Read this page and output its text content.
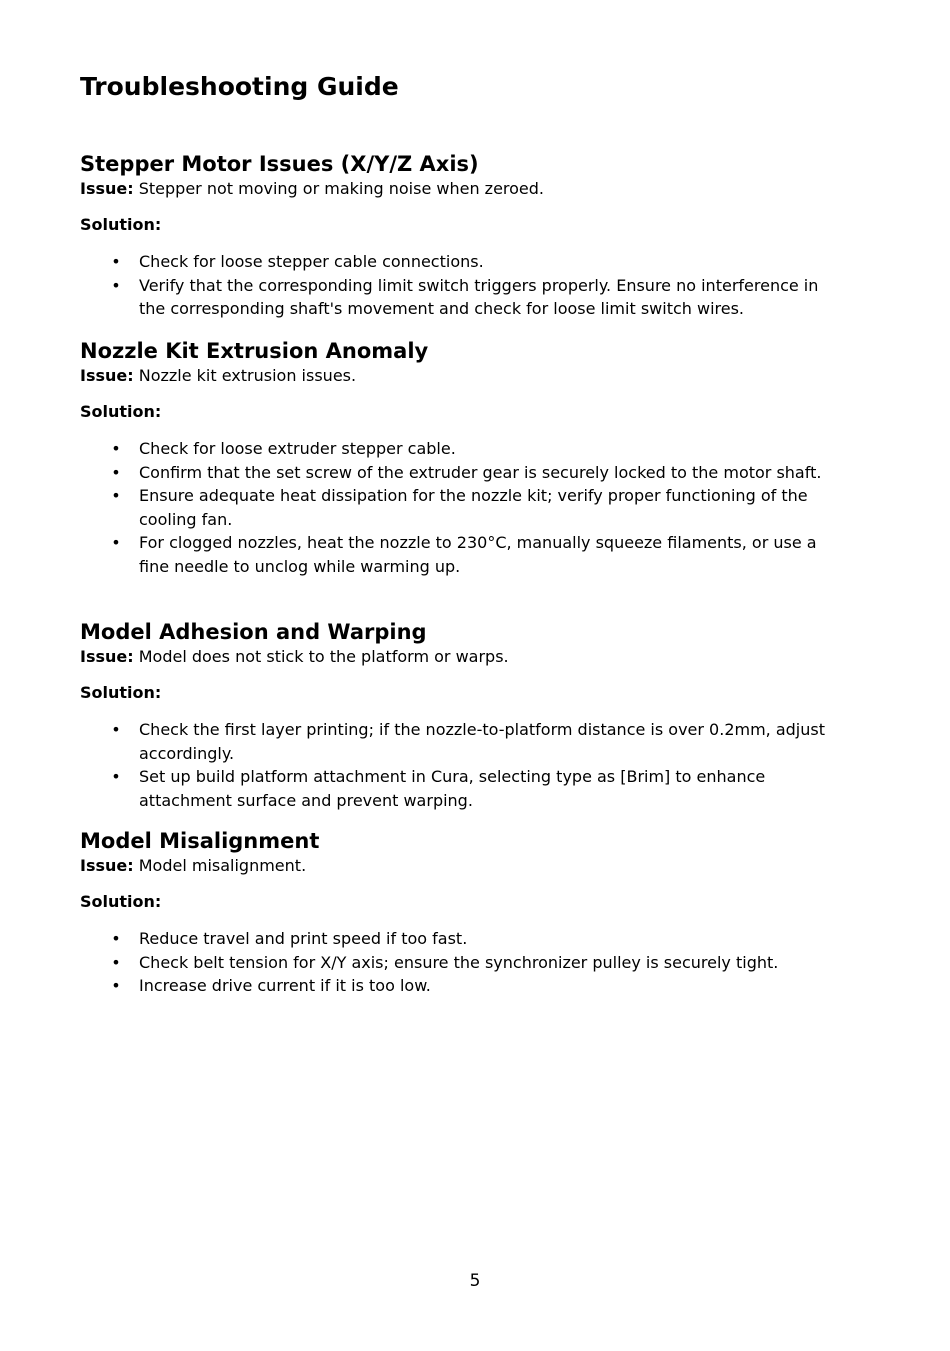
Troubleshooting Guide
Stepper Motor Issues (X/Y/Z Axis)

Issue: Stepper not moving or making noise when zeroed.

Solution:

• Check for loose stepper cable connections.
• Verify that the corresponding limit switch triggers properly. Ensure no interference in the corresponding shaft's movement and check for loose limit switch wires.
Nozzle Kit Extrusion Anomaly

Issue: Nozzle kit extrusion issues.

Solution:

• Check for loose extruder stepper cable.
• Confirm that the set screw of the extruder gear is securely locked to the motor shaft.
• Ensure adequate heat dissipation for the nozzle kit; verify proper functioning of the cooling fan.
• For clogged nozzles, heat the nozzle to 230°C, manually squeeze filaments, or use a fine needle to unclog while warming up.
Model Adhesion and Warping

Issue: Model does not stick to the platform or warps.

Solution:

• Check the first layer printing; if the nozzle-to-platform distance is over 0.2mm, adjust accordingly.
• Set up build platform attachment in Cura, selecting type as [Brim] to enhance attachment surface and prevent warping.
Model Misalignment

Issue: Model misalignment.

Solution:

• Reduce travel and print speed if too fast.
• Check belt tension for X/Y axis; ensure the synchronizer pulley is securely tight.
• Increase drive current if it is too low.
5
